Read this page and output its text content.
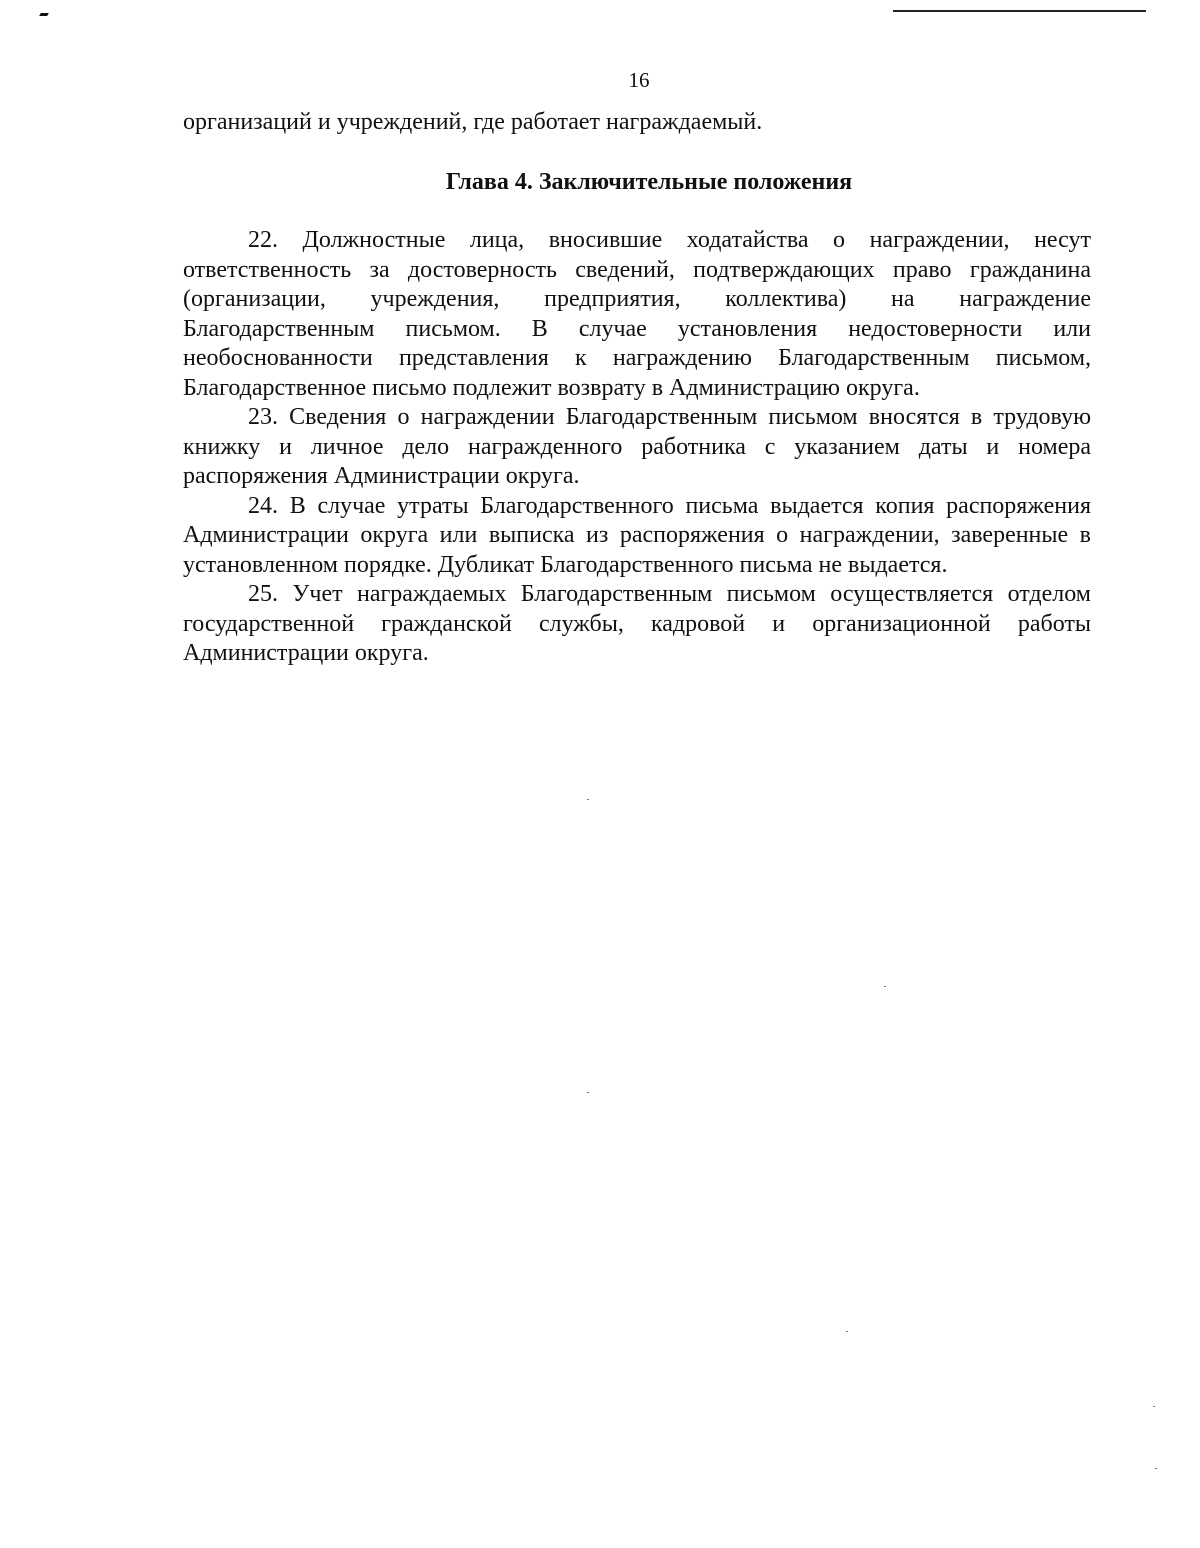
16
организаций и учреждений, где работает награждаемый.
Глава 4. Заключительные положения

22. Должностные лица, вносившие ходатайства о награждении, несут ответственность за достоверность сведений, подтверждающих право гражданина (организации, учреждения, предприятия, коллектива) на награждение Благодарственным письмом. В случае установления недостоверности или необоснованности представления к награждению Благодарственным письмом, Благодарственное письмо подлежит возврату в Администрацию округа.

23. Сведения о награждении Благодарственным письмом вносятся в трудовую книжку и личное дело награжденного работника с указанием даты и номера распоряжения Администрации округа.

24. В случае утраты Благодарственного письма выдается копия распоряжения Администрации округа или выписка из распоряжения о награждении, заверенные в установленном порядке. Дубликат Благодарственного письма не выдается.

25. Учет награждаемых Благодарственным письмом осуществляется отделом государственной гражданской службы, кадровой и организационной работы Администрации округа.
